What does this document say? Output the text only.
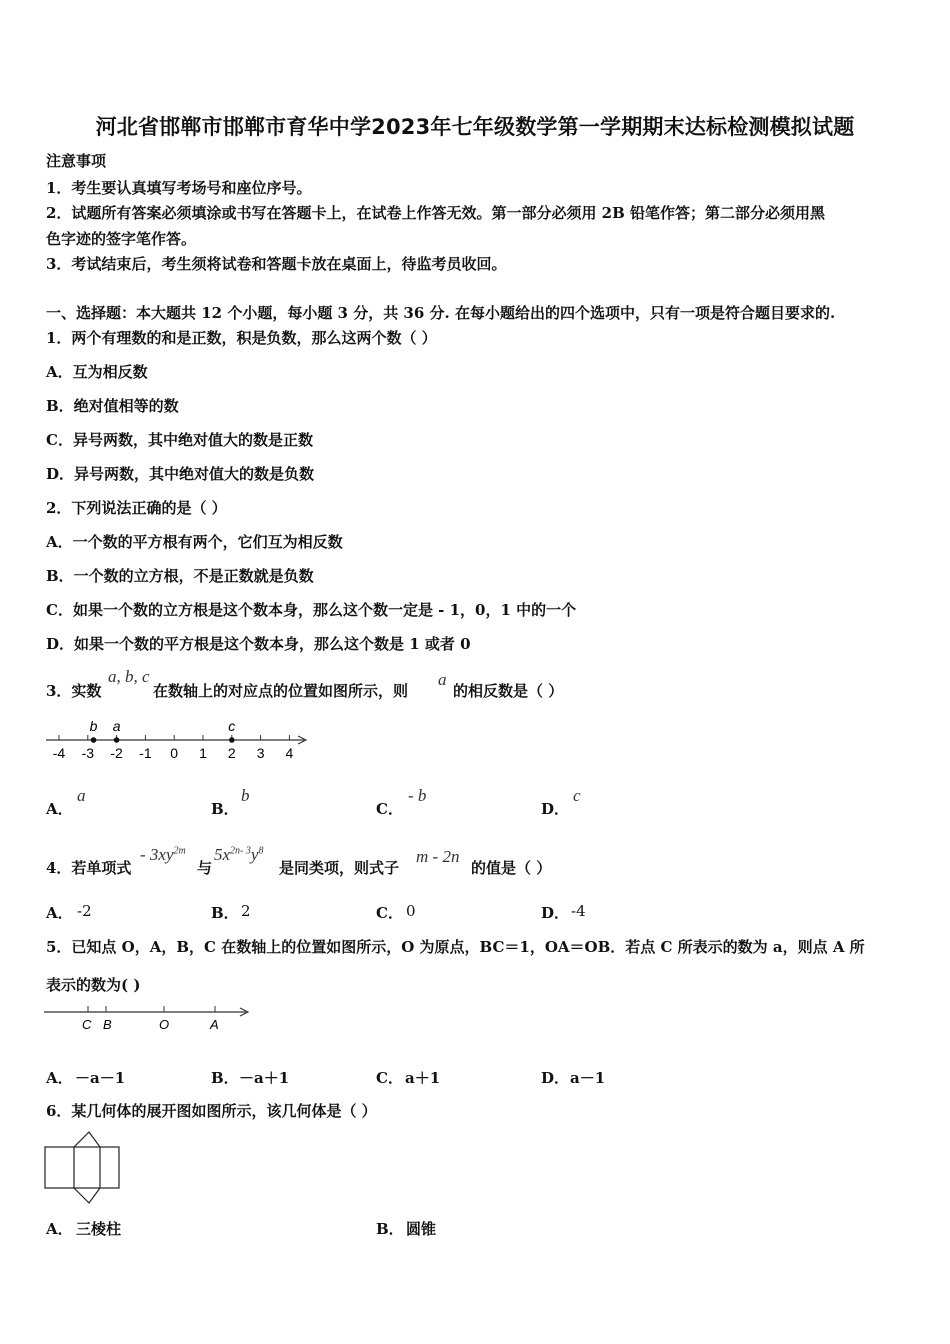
河北省邯郸市邯郸市育华中学2023年七年级数学第一学期期末达标检测模拟试题
注意事项
1．考生要认真填写考场号和座位序号。
2．试题所有答案必须填涂或书写在答题卡上，在试卷上作答无效。第一部分必须用 2B 铅笔作答；第二部分必须用黑
色字迹的签字笔作答。
3．考试结束后，考生须将试卷和答题卡放在桌面上，待监考员收回。
一、选择题：本大题共 12 个小题，每小题 3 分，共 36 分. 在每小题给出的四个选项中，只有一项是符合题目要求的.
1．两个有理数的和是正数，积是负数，那么这两个数（ ）
A．互为相反数
B．绝对值相等的数
C．异号两数，其中绝对值大的数是正数
D．异号两数，其中绝对值大的数是负数
2．下列说法正确的是（ ）
A．一个数的平方根有两个，它们互为相反数
B．一个数的立方根，不是正数就是负数
C．如果一个数的立方根是这个数本身，那么这个数一定是 - 1，0，1 中的一个
D．如果一个数的平方根是这个数本身，那么这个数是 1 或者 0
3．实数
a, b, c
在数轴上的对应点的位置如图所示，则
a
的相反数是（ ）
-4 -3 -2 -1 0 1 2 3 4
b a	c
A．
a
B．
b
C．
- b
D．
c
4．若单项式
- $3xy^{2m}$
与
$5x^{2n- 3}y^8$
是同类项，则式子
m - 2n
的值是（ ）
A． -2	B． 2	C． 0	D． -4
5．已知点 O，A，B，C 在数轴上的位置如图所示，O 为原点，BC＝1，OA＝OB．若点 C 所表示的数为 a，则点 A 所
表示的数为( )
C B	O	A
A． －a－1	B． －a＋1	C． a＋1	D． a－1
6．某几何体的展开图如图所示，该几何体是（ ）
A． 三棱柱	B． 圆锥
